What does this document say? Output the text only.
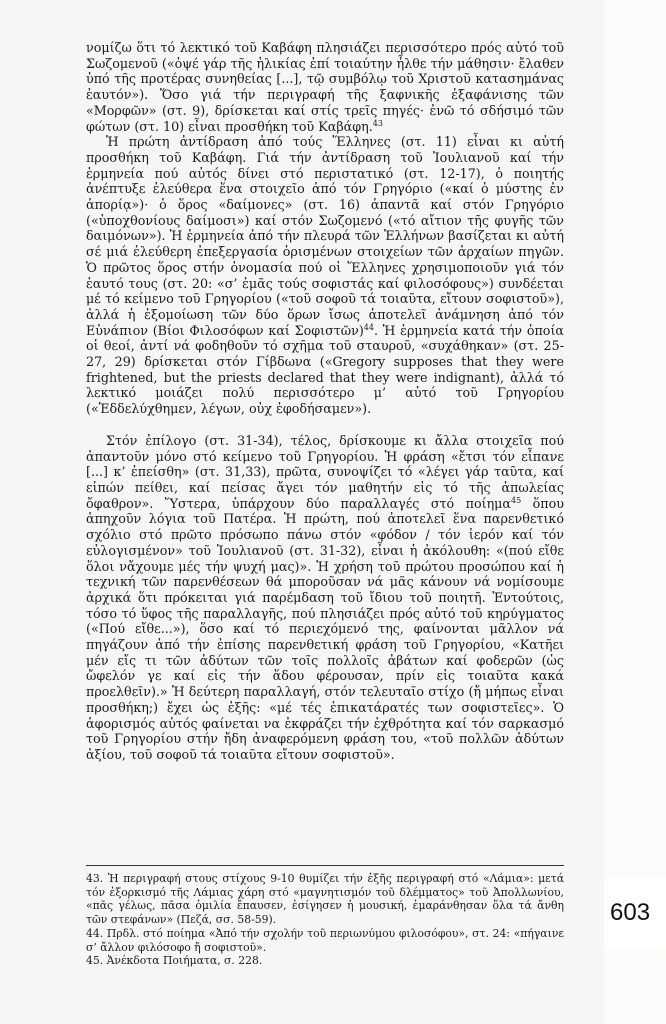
νομίζω ὅτι τό λεκτικό τοῦ Καβάφη πλησιάζει περισσότερο πρός αὐτό τοῦ Σωζομενοῦ («ὀψέ γάρ τῆς ἡλικίας ἐπί τοιαύτην ἦλθε τήν μάθησιν· ἔλαθεν ὑπό τῆς προτέρας συνηθείας [...], τῷ συμβόλῳ τοῦ Χριστοῦ κατασημάνας ἑαυτόν»). Ὅσο γιά τήν περιγραφή τῆς ξαφνικῆς ἐξαφάνισης τῶν «Μορφῶν» (στ. 9), δρίσκεται καί στίς τρεῖς πηγές· ἐνῶ τό σδήσιμό τῶν φώτων (στ. 10) εἶναι προσθήκη τοῦ Καβάφη.$^{43}$

Ἡ πρώτη ἀντίδραση ἀπό τούς Ἕλληνες (στ. 11) εἶναι κι αὐτή προσθήκη τοῦ Καβάφη. Γιά τήν ἀντίδραση τοῦ Ἰουλιανοῦ καί τήν ἑρμηνεία πού αὐτός δίνει στό περιστατικό (στ. 12-17), ὁ ποιητής ἀνέπτυξε ἐλεύθερα ἕνα στοιχεῖο ἀπό τόν Γρηγόριο («καί ὁ μύστης ἐν ἀπορίᾳ»)· ὁ ὅρος «δαίμονες» (στ. 16) ἀπαντᾶ καί στόν Γρηγόριο («ὑποχθονίους δαίμοσι») καί στόν Σωζομενό («τό αἴτιον τῆς φυγῆς τῶν δαιμόνων»). Ἡ ἑρμηνεία ἀπό τήν πλευρά τῶν Ἑλλήνων βασίζεται κι αὐτή σέ μιά ἐλεύθερη ἐπεξεργασία ὁρισμένων στοιχείων τῶν ἀρχαίων πηγῶν. Ὁ πρῶτος ὅρος στήν ὀνομασία πού οἱ Ἕλληνες χρησιμοποιοῦν γιά τόν ἑαυτό τους (στ. 20: «σ’ ἐμᾶς τούς σοφιστάς καί φιλοσόφους») συνδέεται μέ τό κείμενο τοῦ Γρηγορίου («τοῦ σοφοῦ τά τοιαῦτα, εἴτουν σοφιστοῦ»), ἀλλά ἡ ἐξομοίωση τῶν δύο ὅρων ἴσως ἀποτελεῖ ἀνάμνηση ἀπό τόν Εὐνάπιον (Βίοι Φιλοσόφων καί Σοφιστῶν)$^{44}$. Ἡ ἑρμηνεία κατά τήν ὁποία οἱ θεοί, ἀντί νά φοδηθοῦν τό σχῆμα τοῦ σταυροῦ, «συχάθηκαν» (στ. 25-27, 29) δρίσκεται στόν Γίβδωνα («Gregory supposes that they were frightened, but the priests declared that they were indignant), ἀλλά τό λεκτικό μοιάζει πολύ περισσότερο μ’ αὐτό τοῦ Γρηγορίου («Ἐδδελύχθημεν, λέγων, οὐχ ἐφοδήσαμεν»).

Στόν ἐπίλογο (στ. 31-34), τέλος, δρίσκουμε κι ἄλλα στοιχεῖα πού ἀπαντοῦν μόνο στό κείμενο τοῦ Γρηγορίου. Ἡ φράση «ἔτσι τόν εἶπανε [...] κ’ ἐπείσθη» (στ. 31,33), πρῶτα, συνοψίζει τό «λέγει γάρ ταῦτα, καί εἰπών πείθει, καί πείσας ἄγει τόν μαθητήν εἰς τό τῆς ἀπωλείας ὄφαθρον». Ὕστερα, ὑπάρχουν δύο παραλλαγές στό ποίημα$^{45}$ ὅπου ἀπηχοῦν λόγια τοῦ Πατέρα. Ἡ πρώτη, πού ἀποτελεῖ ἕνα παρενθετικό σχόλιο στό πρῶτο πρόσωπο πάνω στόν «φόδον / τόν ἱερόν καί τόν εὐλογισμένον» τοῦ Ἰουλιανοῦ (στ. 31-32), εἶναι ἡ ἀκόλουθη: «(πού εἴθε ὅλοι νἄχουμε μές τήν ψυχή μας)». Ἡ χρήση τοῦ πρώτου προσώπου καί ἡ τεχνική τῶν παρενθέσεων θά μποροῦσαν νά μᾶς κάνουν νά νομίσουμε ἀρχικά ὅτι πρόκειται γιά παρέμδαση τοῦ ἴδιου τοῦ ποιητῆ. Ἐντούτοις, τόσο τό ὕφος τῆς παραλλαγῆς, πού πλησιάζει πρός αὐτό τοῦ κηρύγματος («Πού εἴθε...»), ὅσο καί τό περιεχόμενό της, φαίνονται μᾶλλον νά πηγάζουν ἀπό τήν ἐπίσης παρενθετική φράση τοῦ Γρηγορίου, «Κατῆει μέν εἴς τι τῶν ἀδύτων τῶν τοῖς πολλοῖς ἀβάτων καί φοδερῶν (ὡς ὤφελόν γε καί εἰς τήν ἅδου φέρουσαν, πρίν εἰς τοιαῦτα κακά προελθεῖν).» Ἡ δεύτερη παραλλαγή, στόν τελευταῖο στίχο (ἤ μήπως εἶναι προσθήκη;) ἔχει ὡς ἐξῆς: «μέ τές ἐπικατάρατές των σοφιστεῖες». Ὁ ἀφορισμός αὐτός φαίνεται να ἐκφράζει τήν ἐχθρότητα καί τόν σαρκασμό τοῦ Γρηγορίου στήν ἤδη ἀναφερόμενη φράση του, «τοῦ πολλῶν ἀδύτων ἀξίου, τοῦ σοφοῦ τά τοιαῦτα εἴτουν σοφιστοῦ».

43. Ἡ περιγραφή στους στίχους 9-10 θυμίζει τήν ἑξῆς περιγραφή στό «Λάμια»: μετά τόν ἐξορκισμό τῆς Λάμιας χάρη στό «μαγνητισμόν τοῦ δλέμματος» τοῦ Ἀπολλωνίου, «πᾶς γέλως, πᾶσα ὁμιλία ἔπαυσεν, ἐσίγησεν ἡ μουσική, ἐμαράνθησαν ὅλα τά ἄνθη τῶν στεφάνων» (Πεζά, σσ. 58-59).

44. Πρδλ. στό ποίημα «Ἀπό τήν σχολήν τοῦ περιωνύμου φιλοσόφου», στ. 24: «πήγαινε σ’ ἄλλον φιλόσοφο ἤ σοφιστοῦ».

45. Ἀνέκδοτα Ποιήματα, σ. 228.

603
